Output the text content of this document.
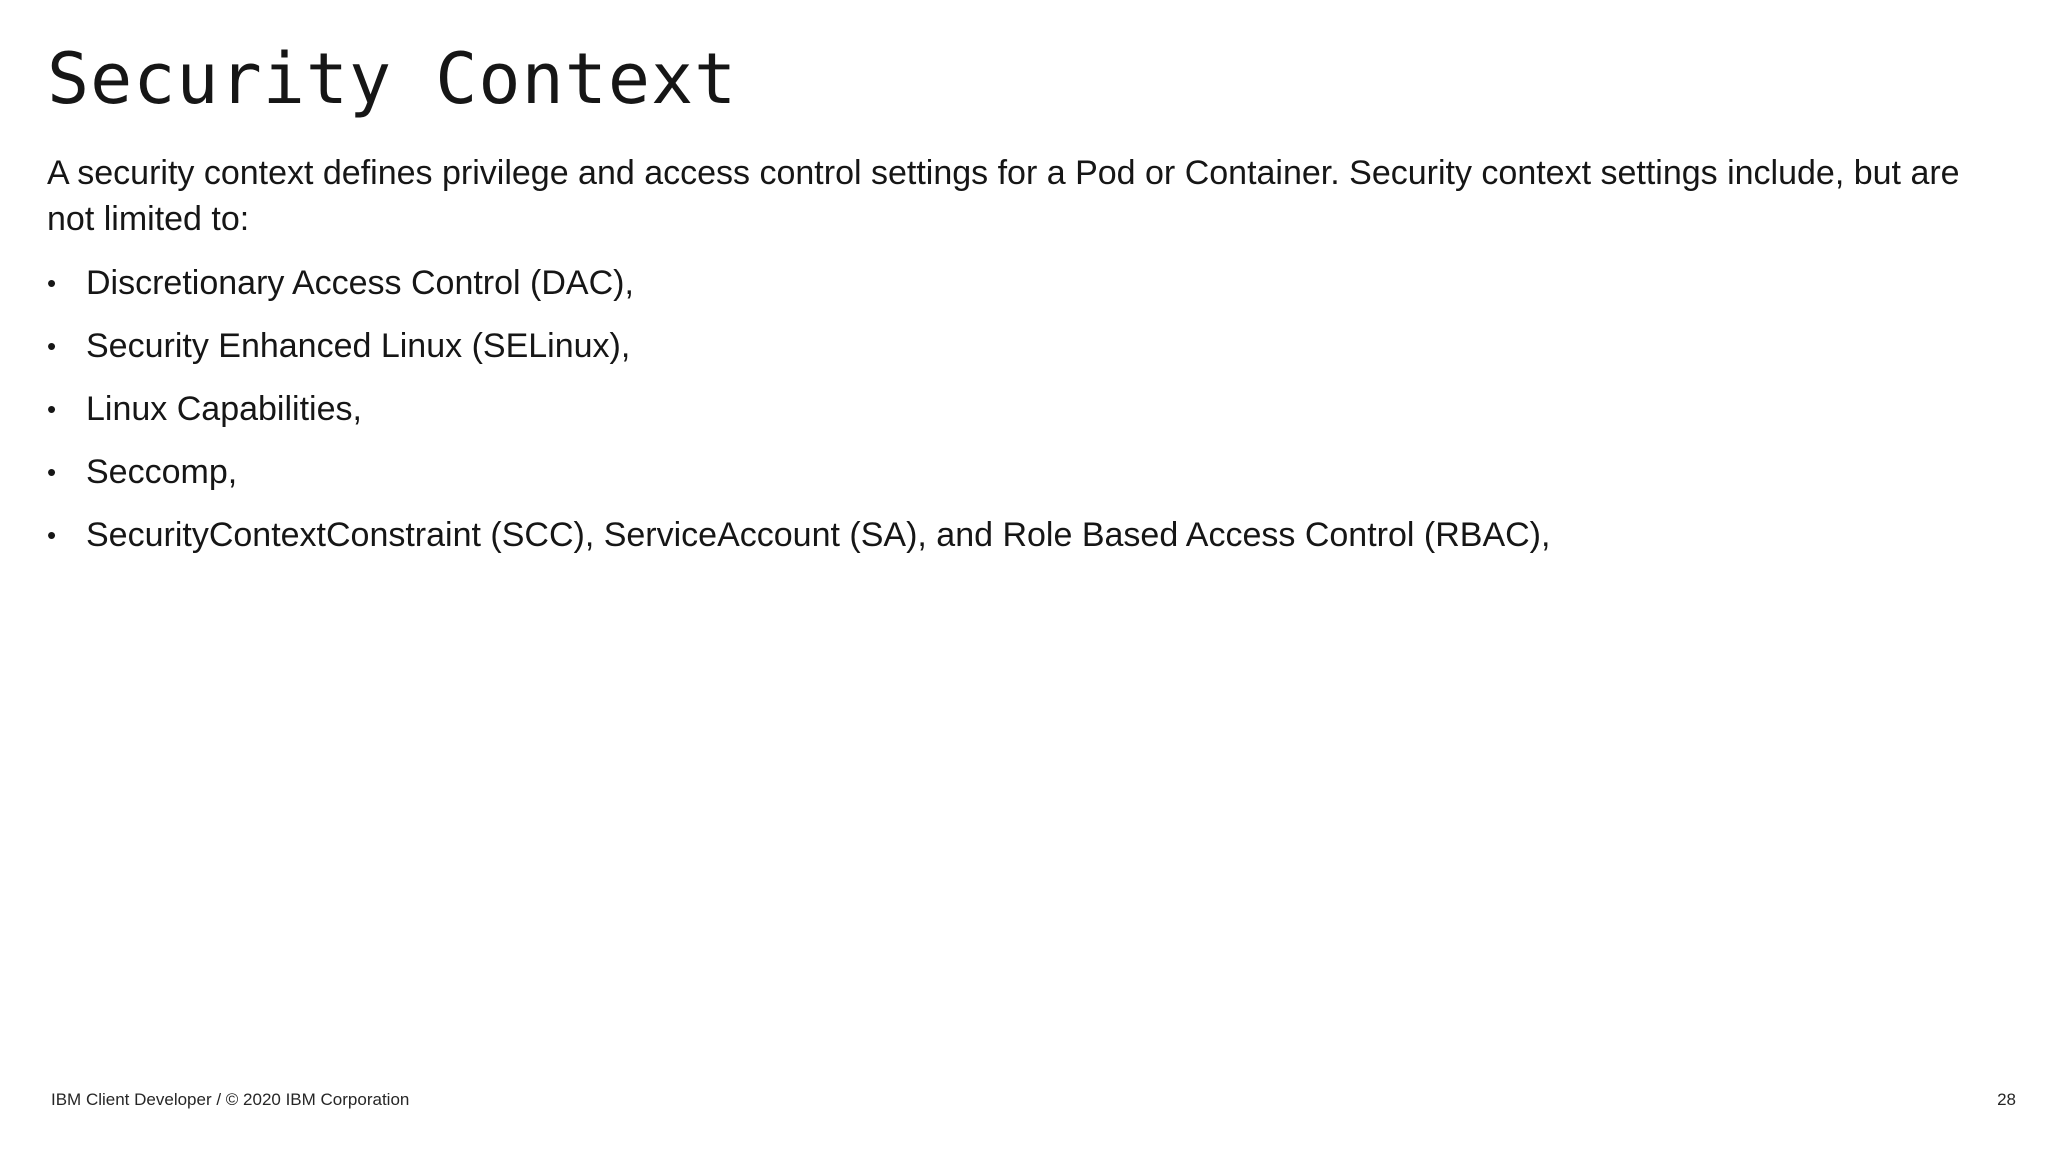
Security Context

A security context defines privilege and access control settings for a Pod or Container. Security context settings include, but are not limited to:

• Discretionary Access Control (DAC),
• Security Enhanced Linux (SELinux),
• Linux Capabilities,
• Seccomp,
• SecurityContextConstraint (SCC), ServiceAccount (SA), and Role Based Access Control (RBAC),
IBM Client Developer / © 2020 IBM Corporation	28
